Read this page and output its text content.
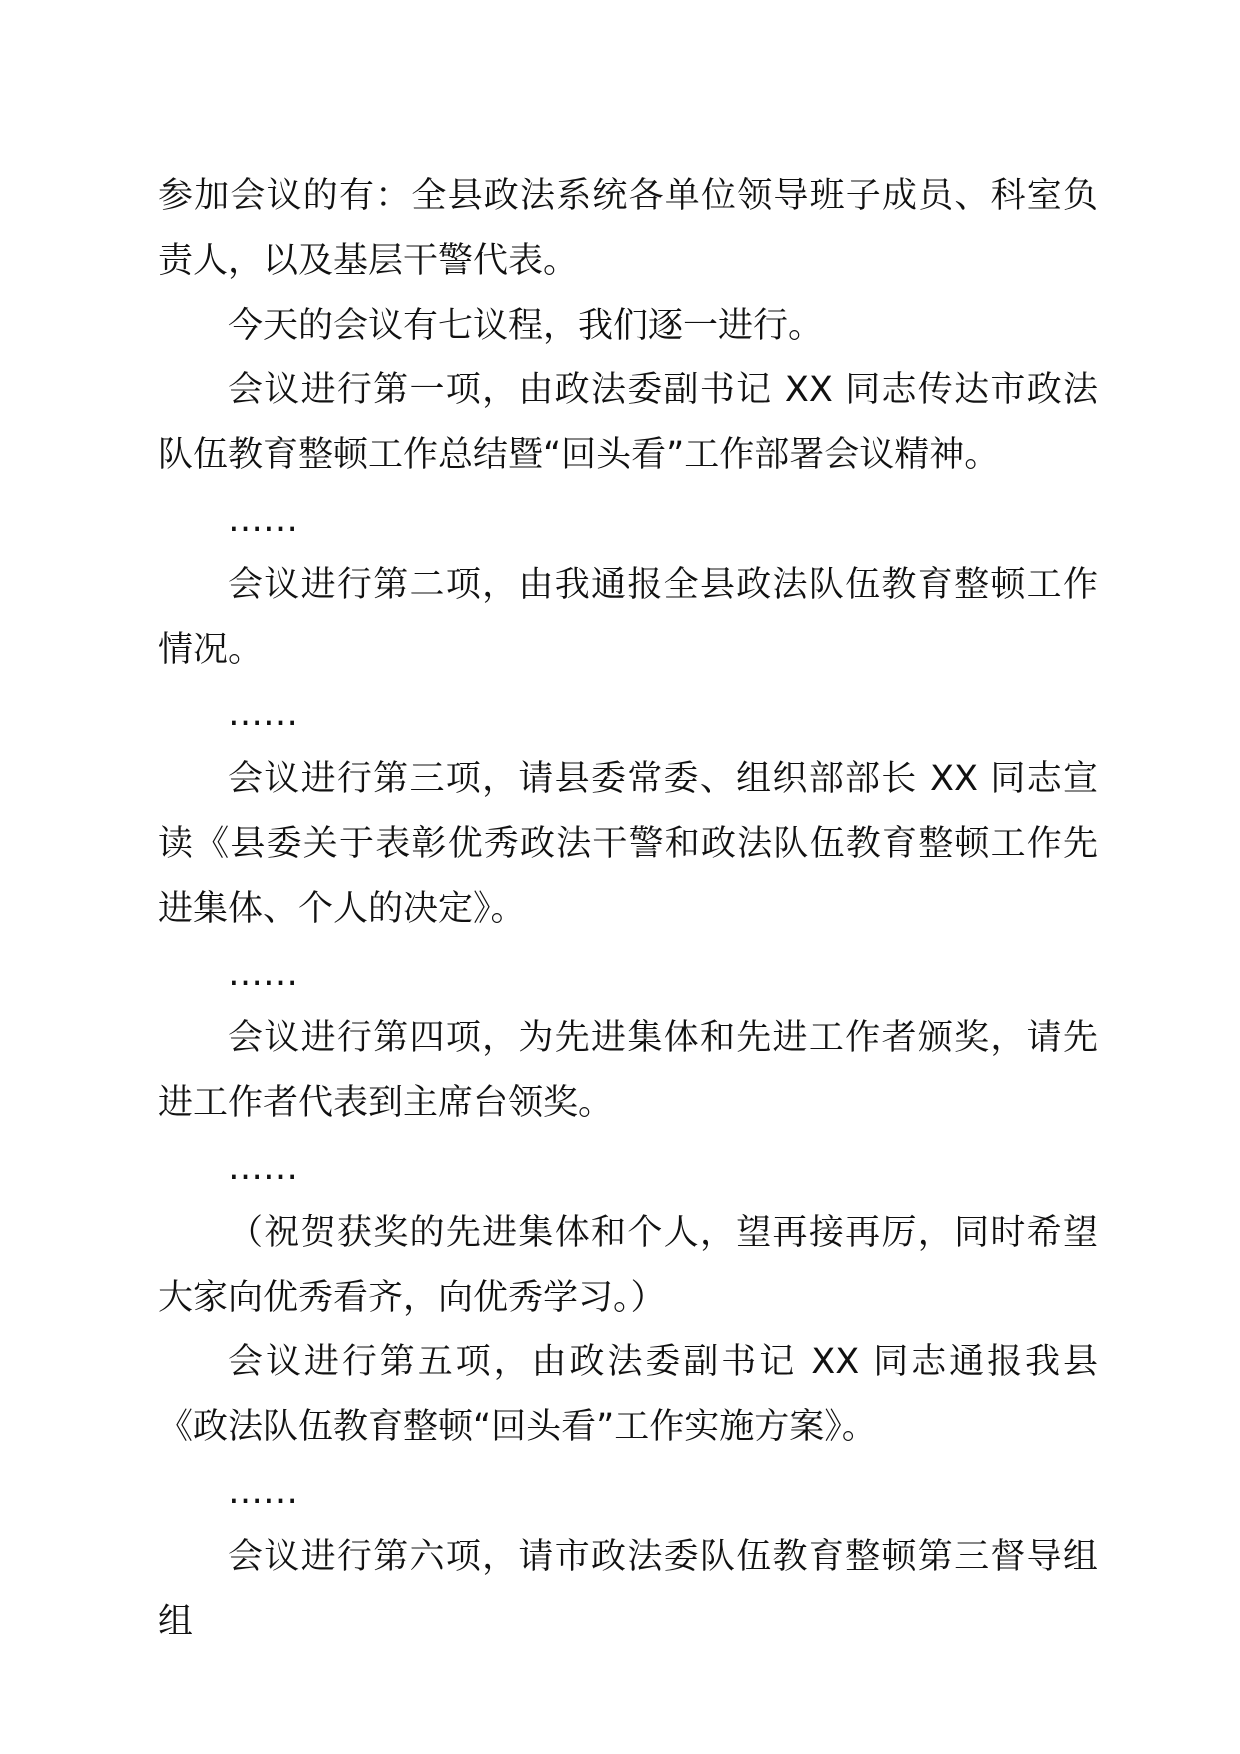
参加会议的有：全县政法系统各单位领导班子成员、科室负责人，以及基层干警代表。

今天的会议有七议程，我们逐一进行。

会议进行第一项，由政法委副书记 XX 同志传达市政法队伍教育整顿工作总结暨“回头看”工作部署会议精神。

……

会议进行第二项，由我通报全县政法队伍教育整顿工作情况。

……

会议进行第三项，请县委常委、组织部部长 XX 同志宣读《县委关于表彰优秀政法干警和政法队伍教育整顿工作先进集体、个人的决定》。

……

会议进行第四项，为先进集体和先进工作者颁奖，请先进工作者代表到主席台领奖。

……

（祝贺获奖的先进集体和个人，望再接再厉，同时希望大家向优秀看齐，向优秀学习。）

会议进行第五项，由政法委副书记 XX 同志通报我县《政法队伍教育整顿“回头看”工作实施方案》。

……

会议进行第六项，请市政法委队伍教育整顿第三督导组组
